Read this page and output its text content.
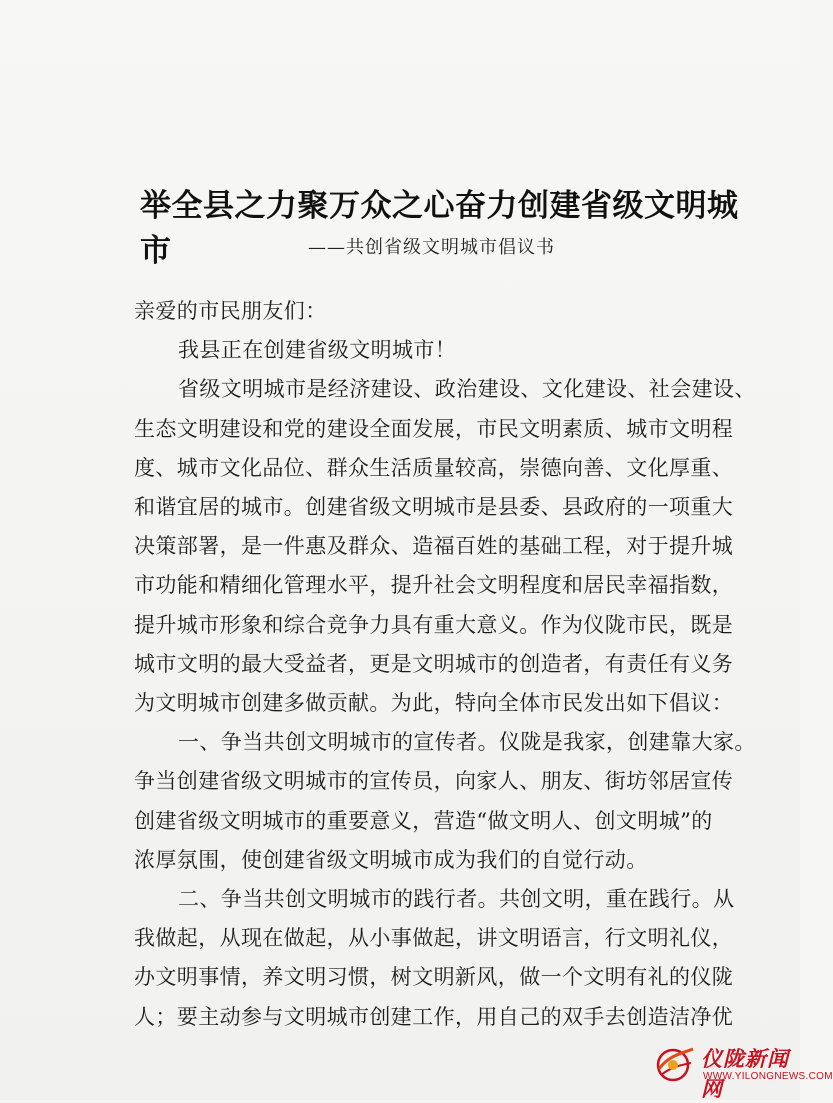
举全县之力聚万众之心奋力创建省级文明城市	——共创省级文明城市倡议书
亲爱的市民朋友们：
我县正在创建省级文明城市！
省级文明城市是经济建设、政治建设、文化建设、社会建设、
生态文明建设和党的建设全面发展，市民文明素质、城市文明程
度、城市文化品位、群众生活质量较高，崇德向善、文化厚重、
和谐宜居的城市。创建省级文明城市是县委、县政府的一项重大
决策部署，是一件惠及群众、造福百姓的基础工程，对于提升城
市功能和精细化管理水平，提升社会文明程度和居民幸福指数，
提升城市形象和综合竞争力具有重大意义。作为仪陇市民，既是
城市文明的最大受益者，更是文明城市的创造者，有责任有义务
为文明城市创建多做贡献。为此，特向全体市民发出如下倡议：
一、争当共创文明城市的宣传者。仪陇是我家，创建靠大家。
争当创建省级文明城市的宣传员，向家人、朋友、街坊邻居宣传
创建省级文明城市的重要意义，营造“做文明人、创文明城”的
浓厚氛围，使创建省级文明城市成为我们的自觉行动。
二、争当共创文明城市的践行者。共创文明，重在践行。从
我做起，从现在做起，从小事做起，讲文明语言，行文明礼仪，
办文明事情，养文明习惯，树文明新风，做一个文明有礼的仪陇
人；要主动参与文明城市创建工作，用自己的双手去创造洁净优
仪陇新闻网
WWW.YILONGNEWS.COM
